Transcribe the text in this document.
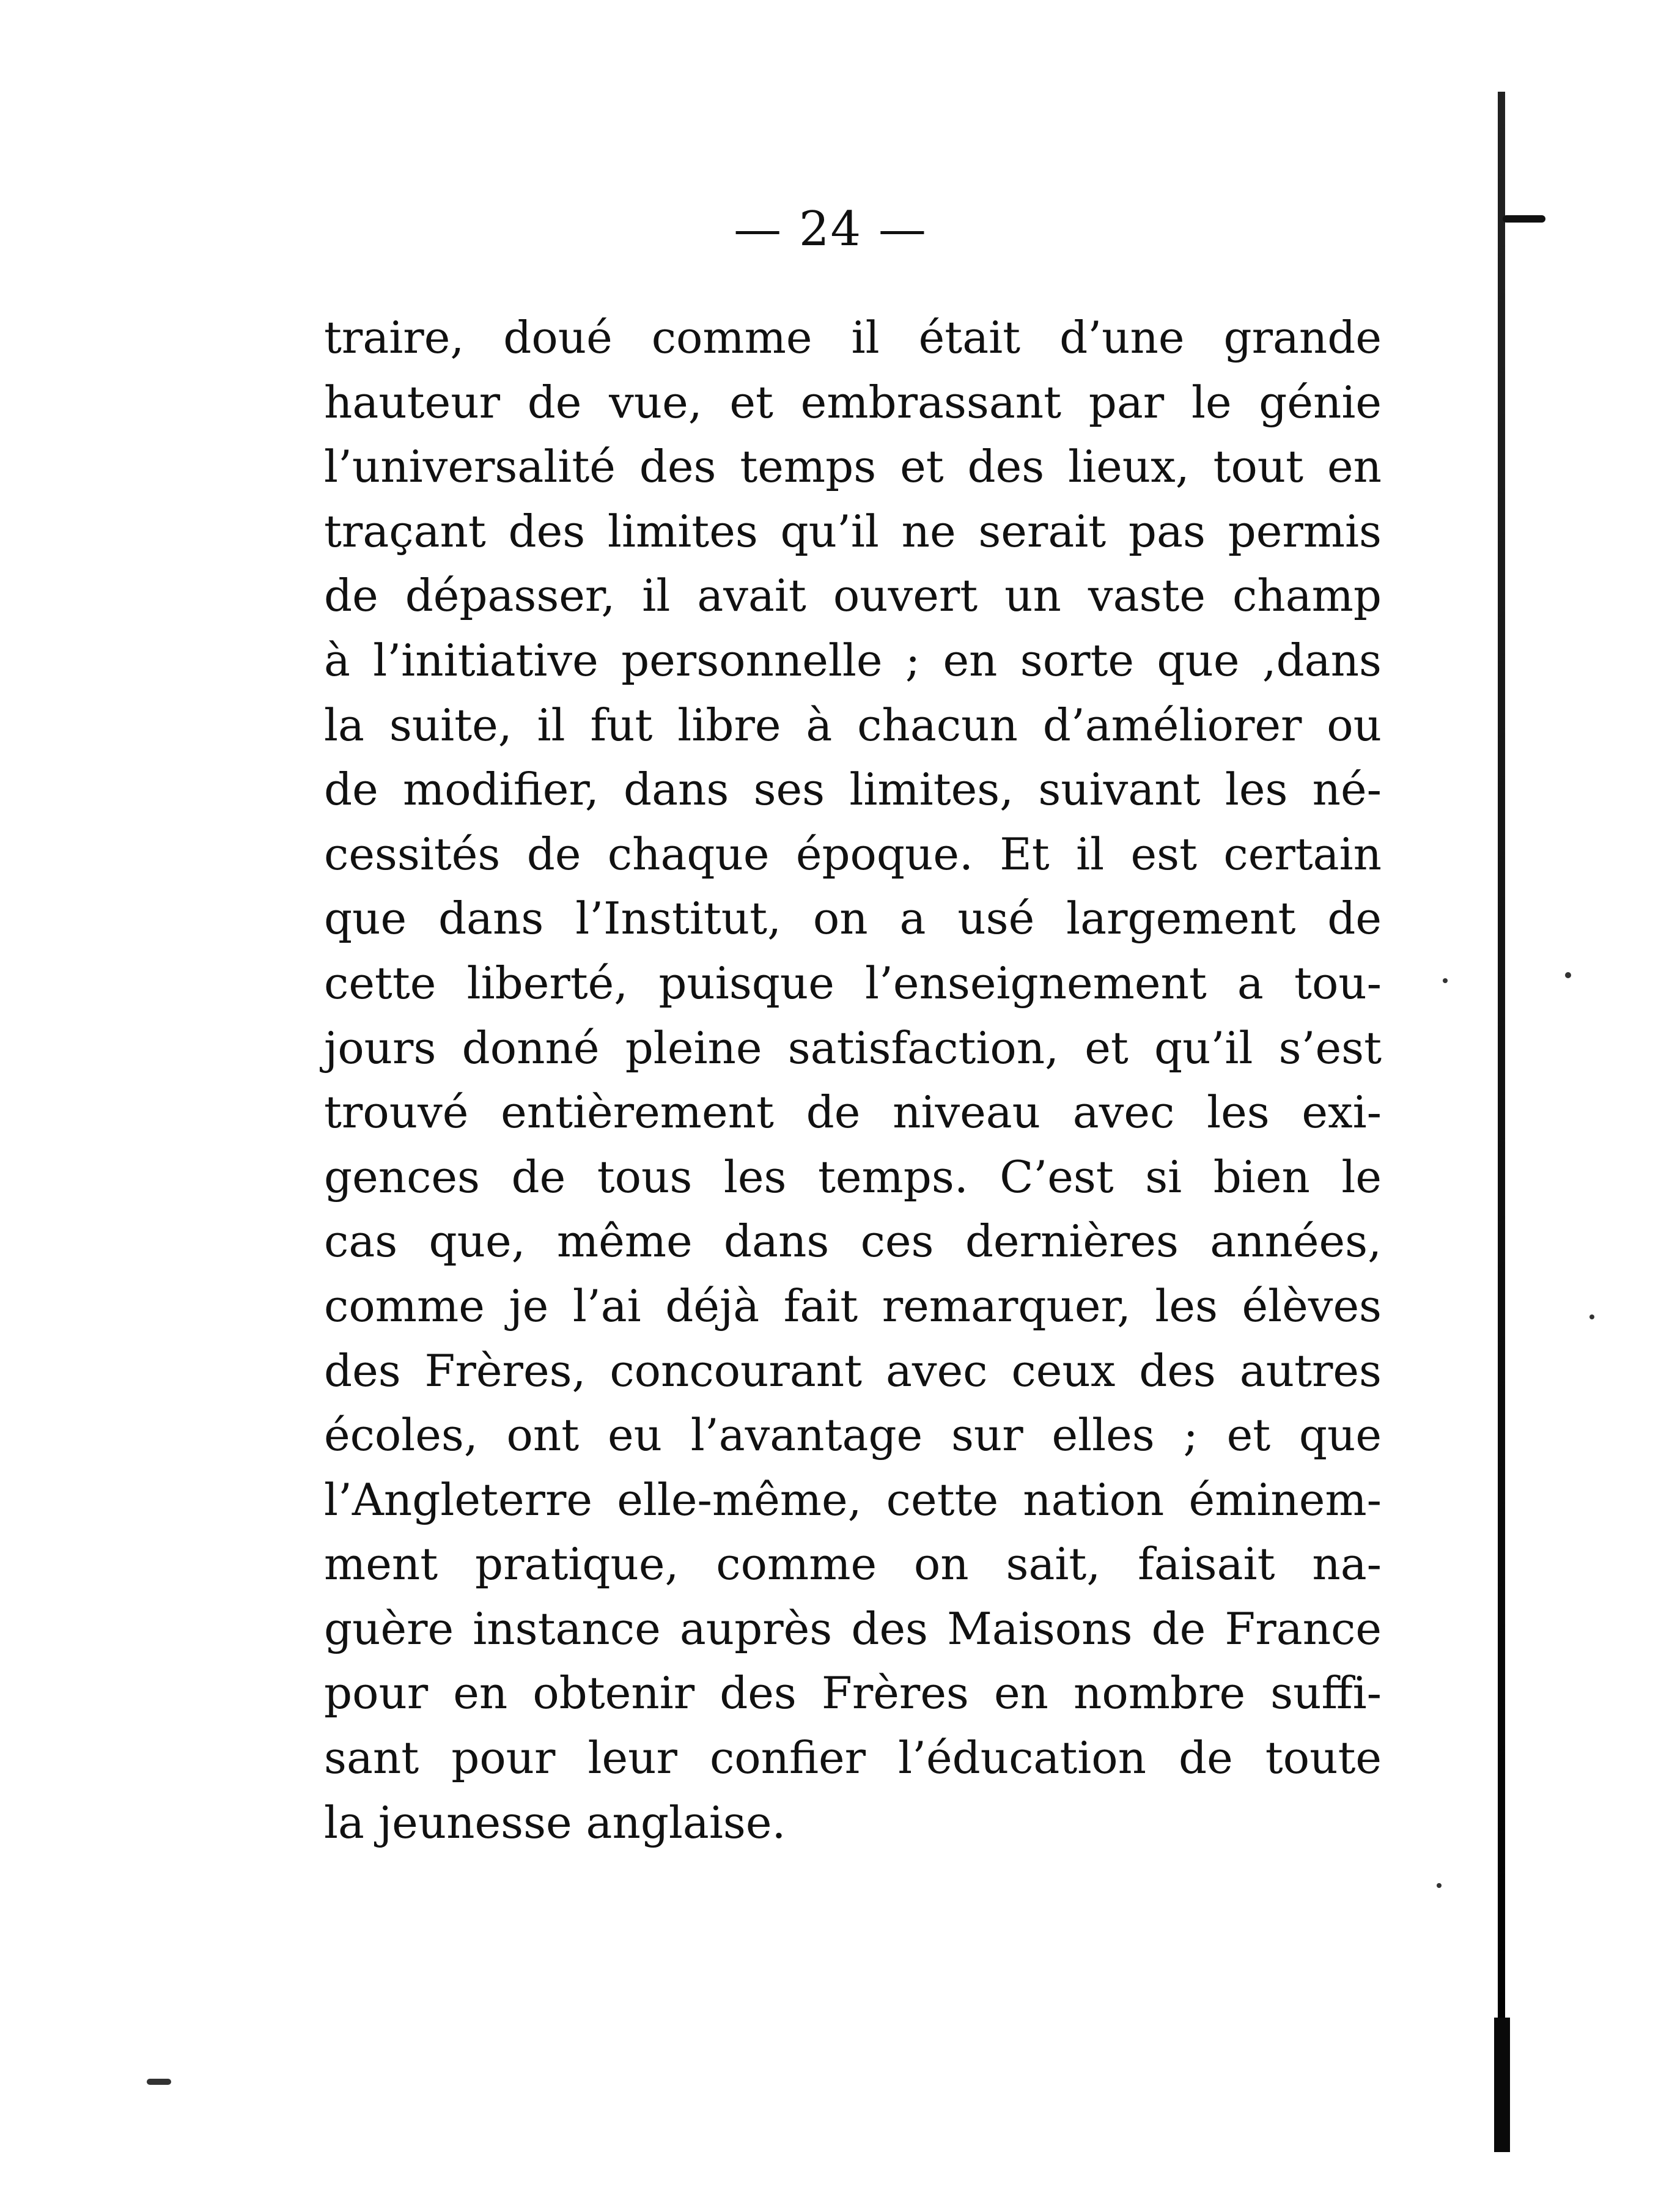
— 24 —
traire, doué comme il était d’une grande
hauteur de vue, et embrassant par le génie
l’universalité des temps et des lieux, tout en
traçant des limites qu’il ne serait pas permis
de dépasser, il avait ouvert un vaste champ
à l’initiative personnelle ; en sorte que ,dans
la suite, il fut libre à chacun d’améliorer ou
de modifier, dans ses limites, suivant les né-
cessités de chaque époque. Et il est certain
que dans l’Institut, on a usé largement de
cette liberté, puisque l’enseignement a tou-
jours donné pleine satisfaction, et qu’il s’est
trouvé entièrement de niveau avec les exi-
gences de tous les temps. C’est si bien le
cas que, même dans ces dernières années,
comme je l’ai déjà fait remarquer, les élèves
des Frères, concourant avec ceux des autres
écoles, ont eu l’avantage sur elles ; et que
l’Angleterre elle-même, cette nation éminem-
ment pratique, comme on sait, faisait na-
guère instance auprès des Maisons de France
pour en obtenir des Frères en nombre suffi-
sant pour leur confier l’éducation de toute
la jeunesse anglaise.
